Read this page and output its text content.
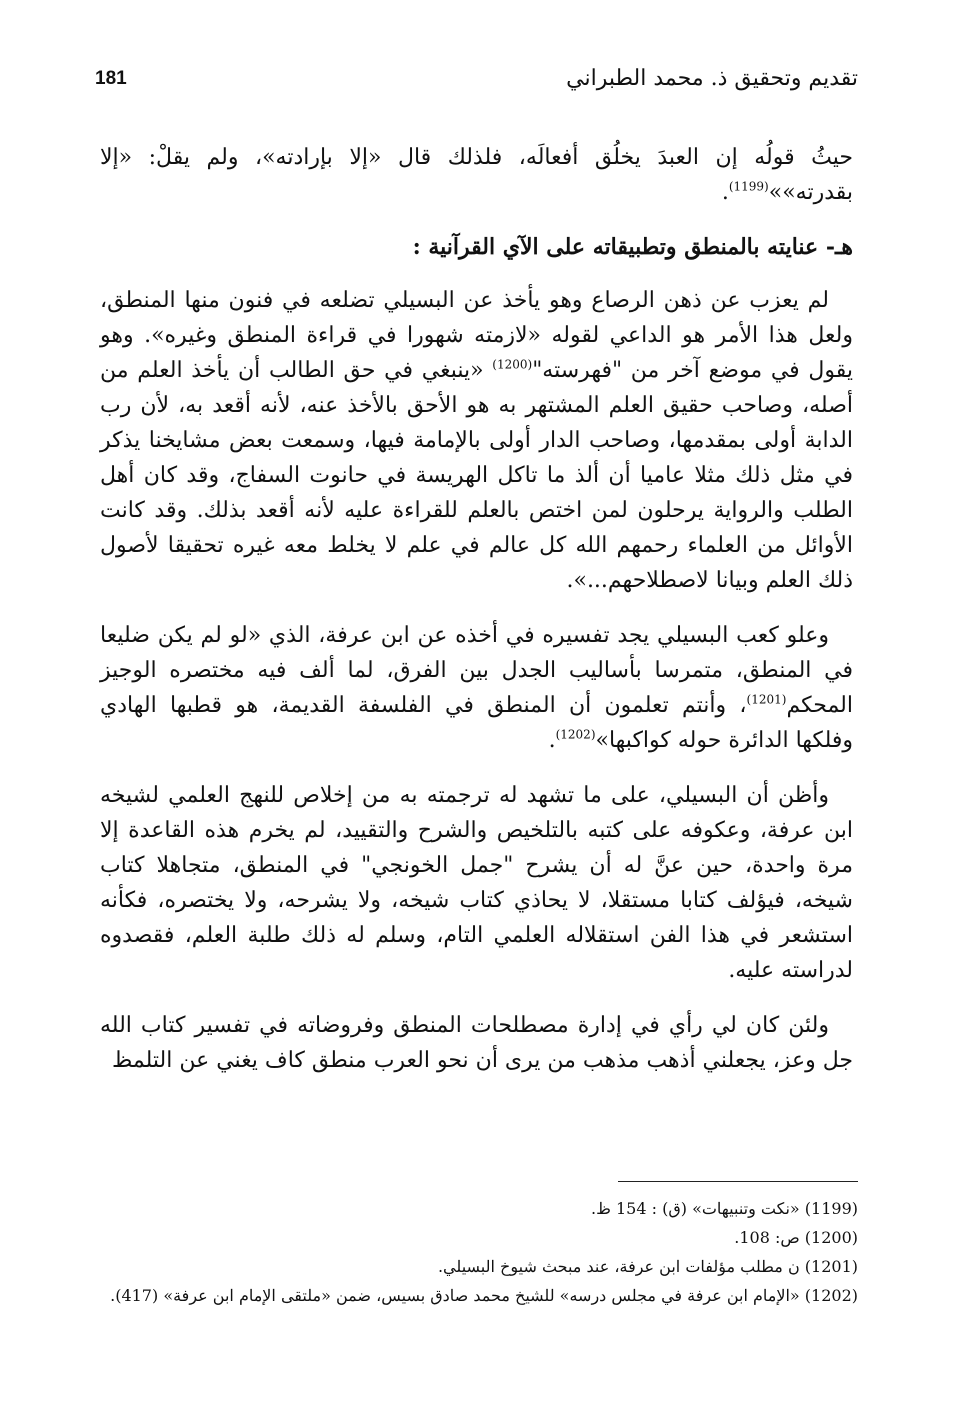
تقديم وتحقيق ذ. محمد الطبراني
181

حيثُ قولُه إن العبدَ يخلُق أفعالَه، فلذلك قال «إلا بإرادته»، ولم يقلْ: «إلا بقدرته»»$^{(1199)}$.

هـ- عنايته بالمنطق وتطبيقاته على الآي القرآنية :

لم يعزب عن ذهن الرصاع وهو يأخذ عن البسيلي تضلعه في فنون منها المنطق، ولعل هذا الأمر هو الداعي لقوله «لازمته شهورا في قراءة المنطق وغيره». وهو يقول في موضع آخر من "فهرسته"$^{(1200)}$ «ينبغي في حق الطالب أن يأخذ العلم من أصله، وصاحب حقيق العلم المشتهر به هو الأحق بالأخذ عنه، لأنه أقعد به، لأن رب الدابة أولى بمقدمها، وصاحب الدار أولى بالإمامة فيها، وسمعت بعض مشايخنا يذكر في مثل ذلك مثلا عاميا أن ألذ ما تاكل الهريسة في حانوت السفاج، وقد كان أهل الطلب والرواية يرحلون لمن اختص بالعلم للقراءة عليه لأنه أقعد بذلك. وقد كانت الأوائل من العلماء رحمهم الله كل عالم في علم لا يخلط معه غيره تحقيقا لأصول ذلك العلم وبيانا لاصطلاحهم...».

وعلو كعب البسيلي يجد تفسيره في أخذه عن ابن عرفة، الذي «لو لم يكن ضليعا في المنطق، متمرسا بأساليب الجدل بين الفرق، لما ألف فيه مختصره الوجيز المحكم$^{(1201)}$، وأنتم تعلمون أن المنطق في الفلسفة القديمة، هو قطبها الهادي وفلكها الدائرة حوله كواكبها»$^{(1202)}$.

وأظن أن البسيلي، على ما تشهد له ترجمته به من إخلاص للنهج العلمي لشيخه ابن عرفة، وعكوفه على كتبه بالتلخيص والشرح والتقييد، لم يخرم هذه القاعدة إلا مرة واحدة، حين عنَّ له أن يشرح "جمل الخونجي" في المنطق، متجاهلا كتاب شيخه، فيؤلف كتابا مستقلا، لا يحاذي كتاب شيخه، ولا يشرحه، ولا يختصره، فكأنه استشعر في هذا الفن استقلاله العلمي التام، وسلم له ذلك طلبة العلم، فقصدوه لدراسته عليه.

ولئن كان لي رأي في إدارة مصطلحات المنطق وفروضاته في تفسير كتاب الله جل وعز، يجعلني أذهب مذهب من يرى أن نحو العرب منطق كاف يغني عن التلمظ

(1199) «نكت وتنبيهات» (ق) : 154 ظ.

(1200) ص: 108.

(1201) ن مطلب مؤلفات ابن عرفة، عند مبحث شيوخ البسيلي.

(1202) «الإمام ابن عرفة في مجلس درسه» للشيخ محمد صادق بسيس، ضمن «ملتقى الإمام ابن عرفة» (417).
